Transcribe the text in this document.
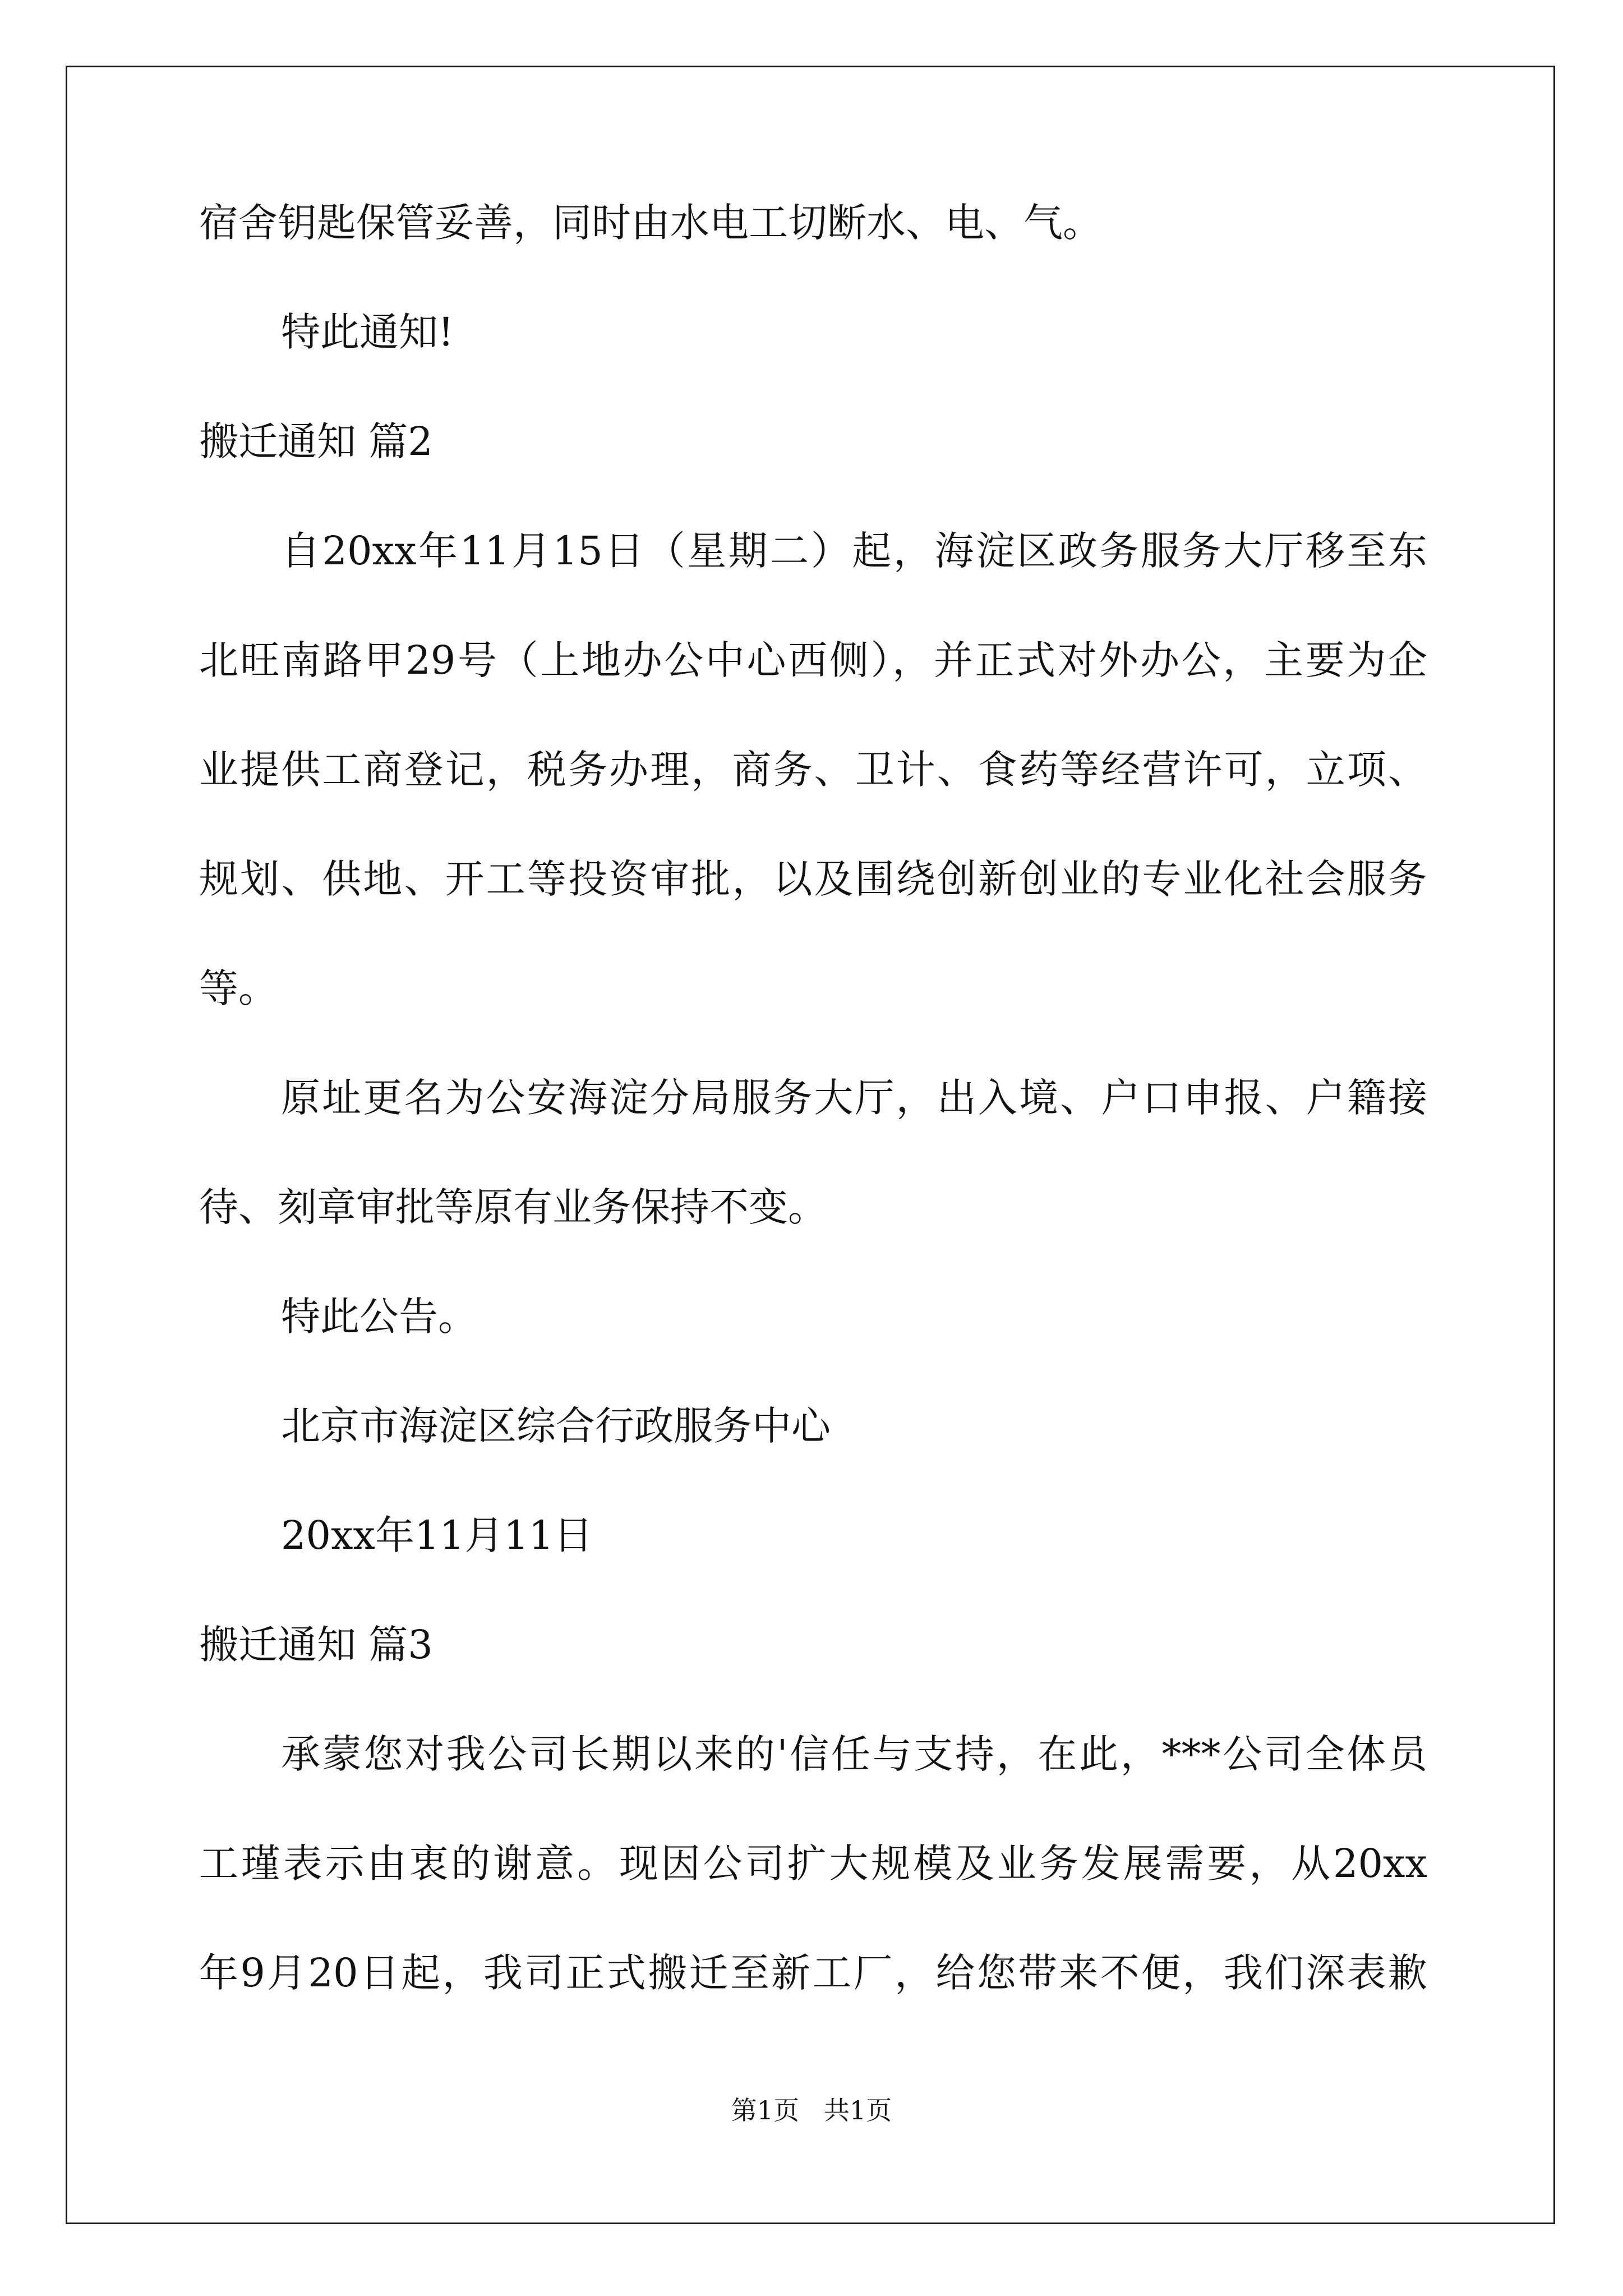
宿舍钥匙保管妥善，同时由水电工切断水、电、气。
特此通知!
搬迁通知 篇2
自20xx年11月15日（星期二）起，海淀区政务服务大厅移至东
北旺南路甲29号（上地办公中心西侧），并正式对外办公，主要为企
业提供工商登记，税务办理，商务、卫计、食药等经营许可，立项、
规划、供地、开工等投资审批，以及围绕创新创业的专业化社会服务
等。
原址更名为公安海淀分局服务大厅，出入境、户口申报、户籍接
待、刻章审批等原有业务保持不变。
特此公告。
北京市海淀区综合行政服务中心
20xx年11月11日
搬迁通知 篇3
承蒙您对我公司长期以来的'信任与支持，在此，***公司全体员
工瑾表示由衷的谢意。现因公司扩大规模及业务发展需要，从20xx
年9月20日起，我司正式搬迁至新工厂，给您带来不便，我们深表歉
第1页   共1页
